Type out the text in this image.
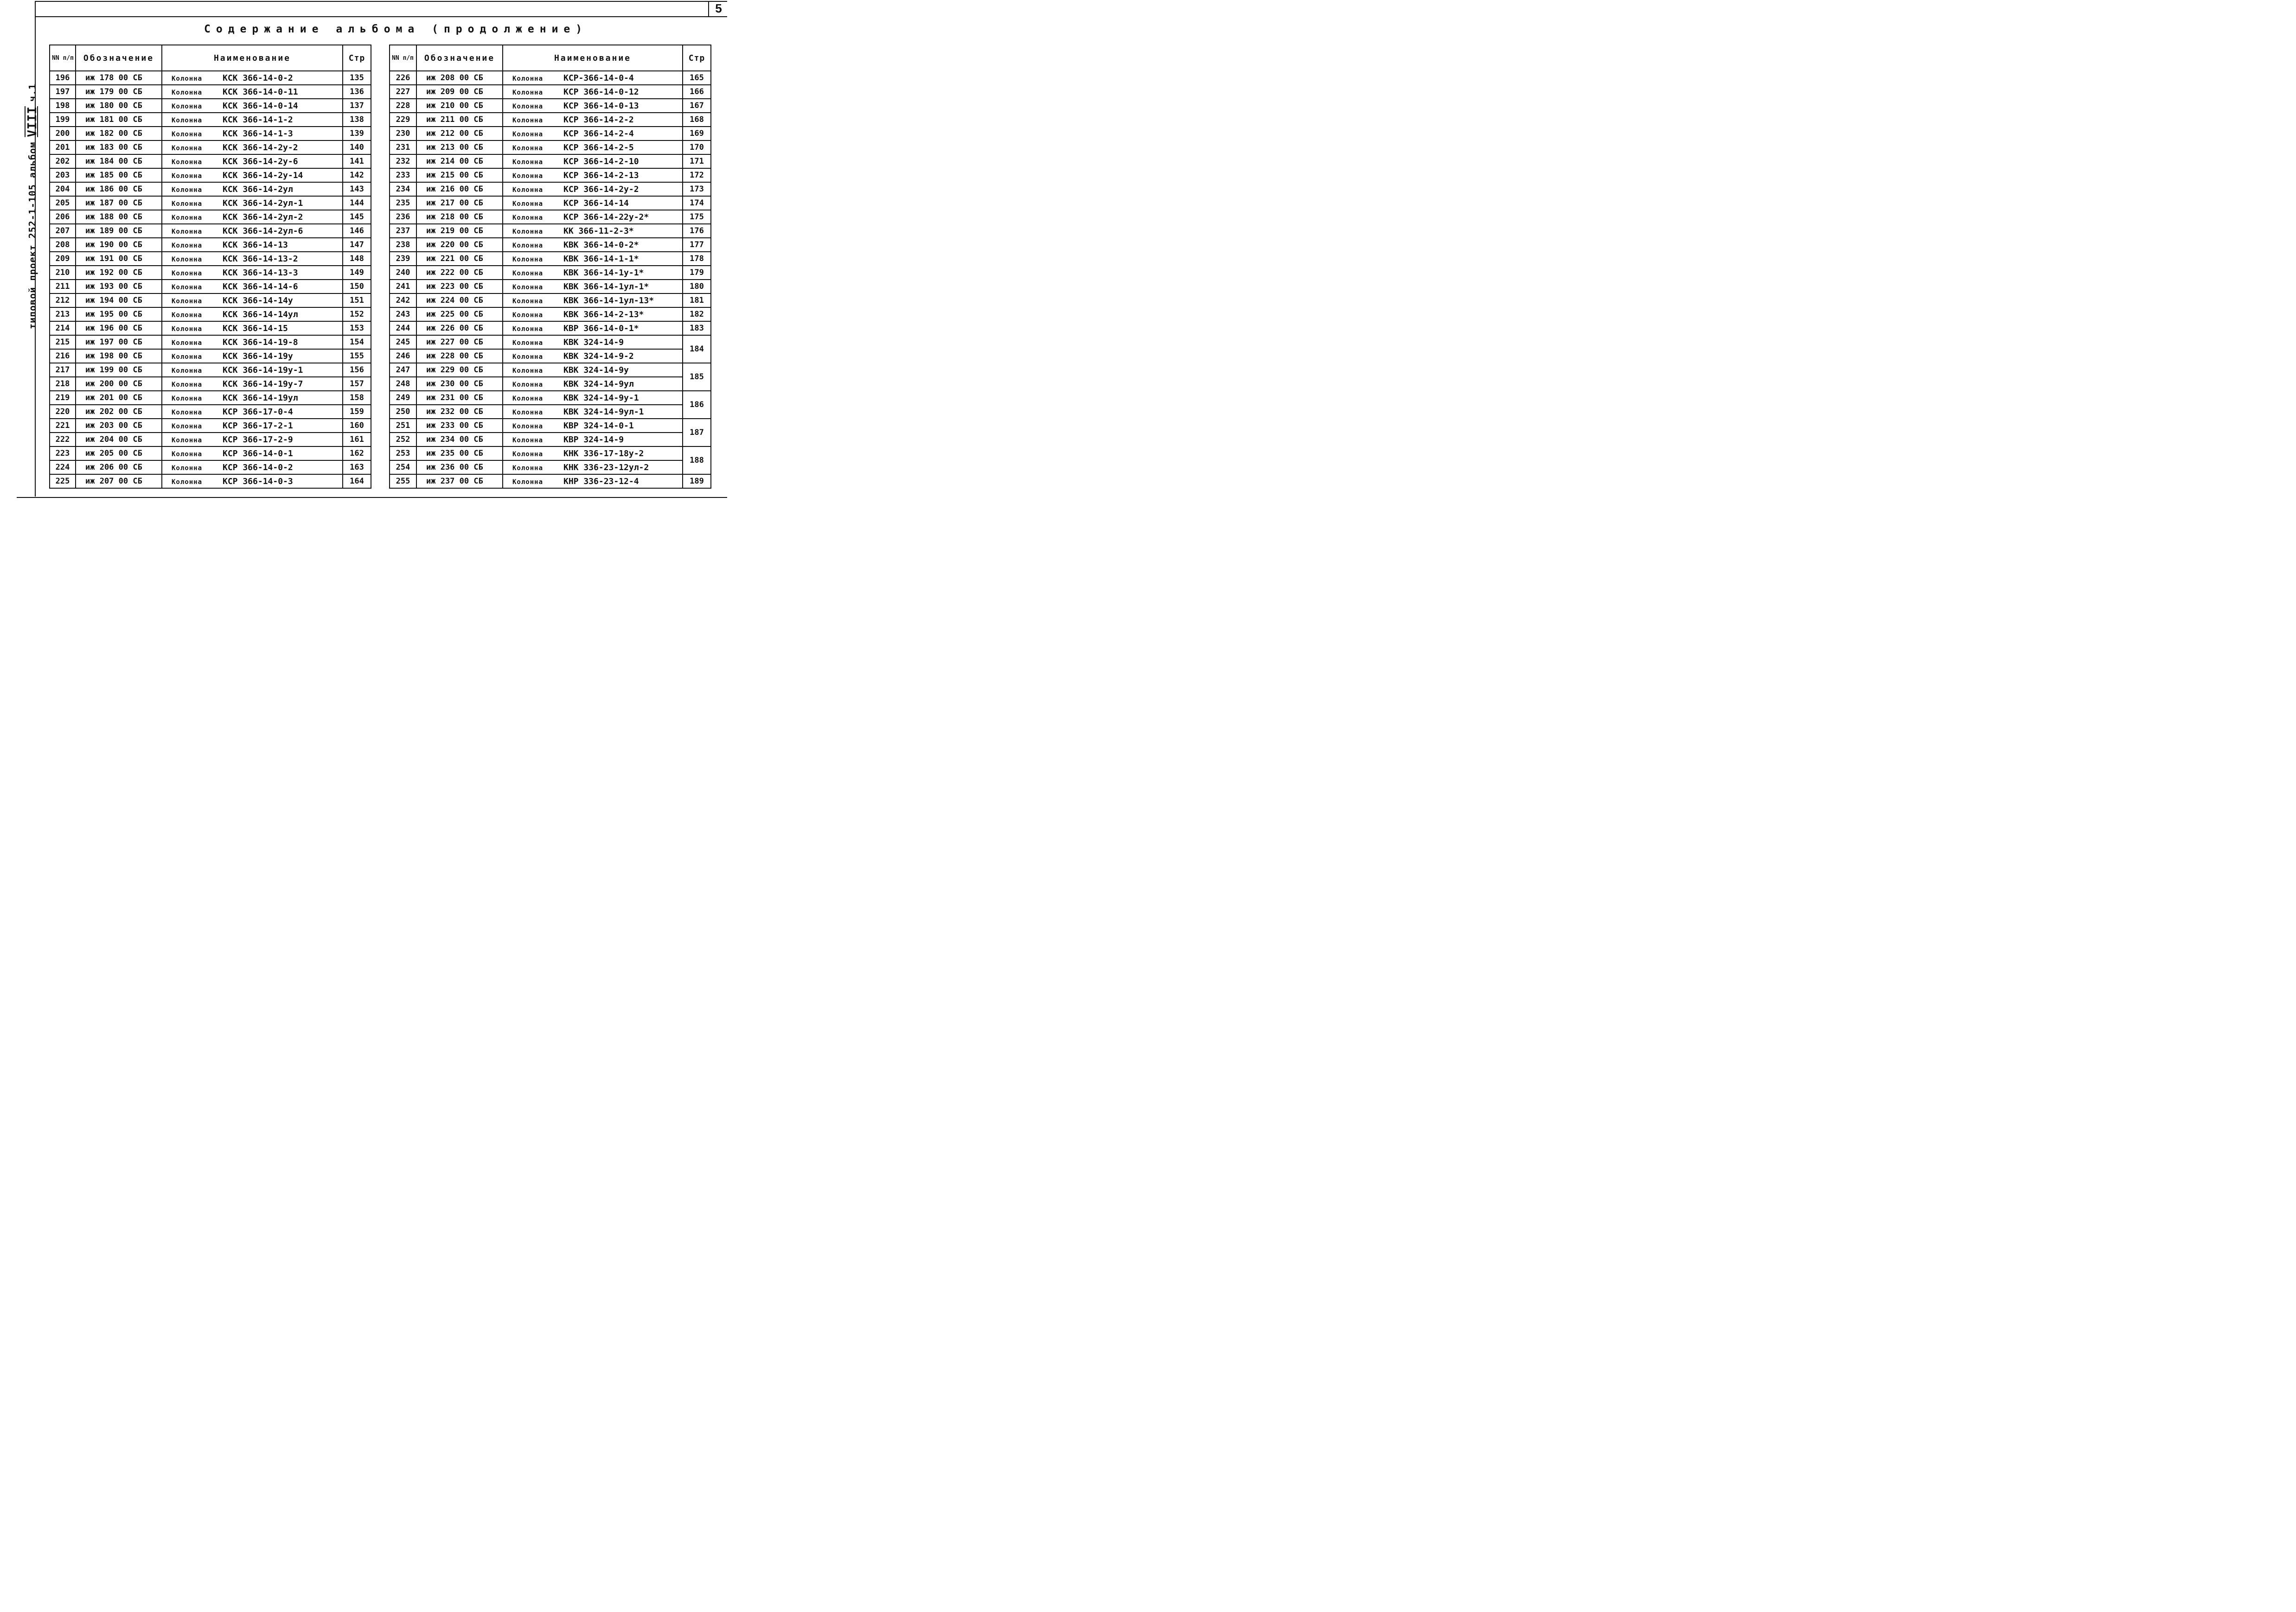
5
типовой проект 252-1-105 альбом
VIII
ч.1
Содержание альбома (продолжение)
NN п/п	Обозначение	Наименование	Стр
196	иж 178 00 СБ	Колонна КСК 366-14-0-2	135
197	иж 179 00 СБ	Колонна КСК 366-14-0-11	136
198	иж 180 00 СБ	Колонна КСК 366-14-0-14	137
199	иж 181 00 СБ	Колонна КСК 366-14-1-2	138
200	иж 182 00 СБ	Колонна КСК 366-14-1-3	139
201	иж 183 00 СБ	Колонна КСК 366-14-2у-2	140
202	иж 184 00 СБ	Колонна КСК 366-14-2у-6	141
203	иж 185 00 СБ	Колонна КСК 366-14-2у-14	142
204	иж 186 00 СБ	Колонна КСК 366-14-2ул	143
205	иж 187 00 СБ	Колонна КСК 366-14-2ул-1	144
206	иж 188 00 СБ	Колонна КСК 366-14-2ул-2	145
207	иж 189 00 СБ	Колонна КСК 366-14-2ул-6	146
208	иж 190 00 СБ	Колонна КСК 366-14-13	147
209	иж 191 00 СБ	Колонна КСК 366-14-13-2	148
210	иж 192 00 СБ	Колонна КСК 366-14-13-3	149
211	иж 193 00 СБ	Колонна КСК 366-14-14-6	150
212	иж 194 00 СБ	Колонна КСК 366-14-14у	151
213	иж 195 00 СБ	Колонна КСК 366-14-14ул	152
214	иж 196 00 СБ	Колонна КСК 366-14-15	153
215	иж 197 00 СБ	Колонна КСК 366-14-19-8	154
216	иж 198 00 СБ	Колонна КСК 366-14-19у	155
217	иж 199 00 СБ	Колонна КСК 366-14-19у-1	156
218	иж 200 00 СБ	Колонна КСК 366-14-19у-7	157
219	иж 201 00 СБ	Колонна КСК 366-14-19ул	158
220	иж 202 00 СБ	Колонна КСР 366-17-0-4	159
221	иж 203 00 СБ	Колонна КСР 366-17-2-1	160
222	иж 204 00 СБ	Колонна КСР 366-17-2-9	161
223	иж 205 00 СБ	Колонна КСР 366-14-0-1	162
224	иж 206 00 СБ	Колонна КСР 366-14-0-2	163
225	иж 207 00 СБ	Колонна КСР 366-14-0-3	164
NN п/п	Обозначение	Наименование	Стр
226	иж 208 00 СБ	Колонна КСР-366-14-0-4	165
227	иж 209 00 СБ	Колонна КСР 366-14-0-12	166
228	иж 210 00 СБ	Колонна КСР 366-14-0-13	167
229	иж 211 00 СБ	Колонна КСР 366-14-2-2	168
230	иж 212 00 СБ	Колонна КСР 366-14-2-4	169
231	иж 213 00 СБ	Колонна КСР 366-14-2-5	170
232	иж 214 00 СБ	Колонна КСР 366-14-2-10	171
233	иж 215 00 СБ	Колонна КСР 366-14-2-13	172
234	иж 216 00 СБ	Колонна КСР 366-14-2у-2	173
235	иж 217 00 СБ	Колонна КСР 366-14-14	174
236	иж 218 00 СБ	Колонна КСР 366-14-22у-2*	175
237	иж 219 00 СБ	Колонна КК 366-11-2-3*	176
238	иж 220 00 СБ	Колонна КВК 366-14-0-2*	177
239	иж 221 00 СБ	Колонна КВК 366-14-1-1*	178
240	иж 222 00 СБ	Колонна КВК 366-14-1у-1*	179
241	иж 223 00 СБ	Колонна КВК 366-14-1ул-1*	180
242	иж 224 00 СБ	Колонна КВК 366-14-1ул-13*	181
243	иж 225 00 СБ	Колонна КВК 366-14-2-13*	182
244	иж 226 00 СБ	Колонна КВР 366-14-0-1*	183
245	иж 227 00 СБ	Колонна КВК 324-14-9	184
246	иж 228 00 СБ	Колонна КВК 324-14-9-2	
247	иж 229 00 СБ	Колонна КВК 324-14-9у	185
248	иж 230 00 СБ	Колонна КВК 324-14-9ул	
249	иж 231 00 СБ	Колонна КВК 324-14-9у-1	186
250	иж 232 00 СБ	Колонна КВК 324-14-9ул-1	
251	иж 233 00 СБ	Колонна КВР 324-14-0-1	187
252	иж 234 00 СБ	Колонна КВР 324-14-9	
253	иж 235 00 СБ	Колонна КНК 336-17-18у-2	188
254	иж 236 00 СБ	Колонна КНК 336-23-12ул-2	
255	иж 237 00 СБ	Колонна КНР 336-23-12-4	189
